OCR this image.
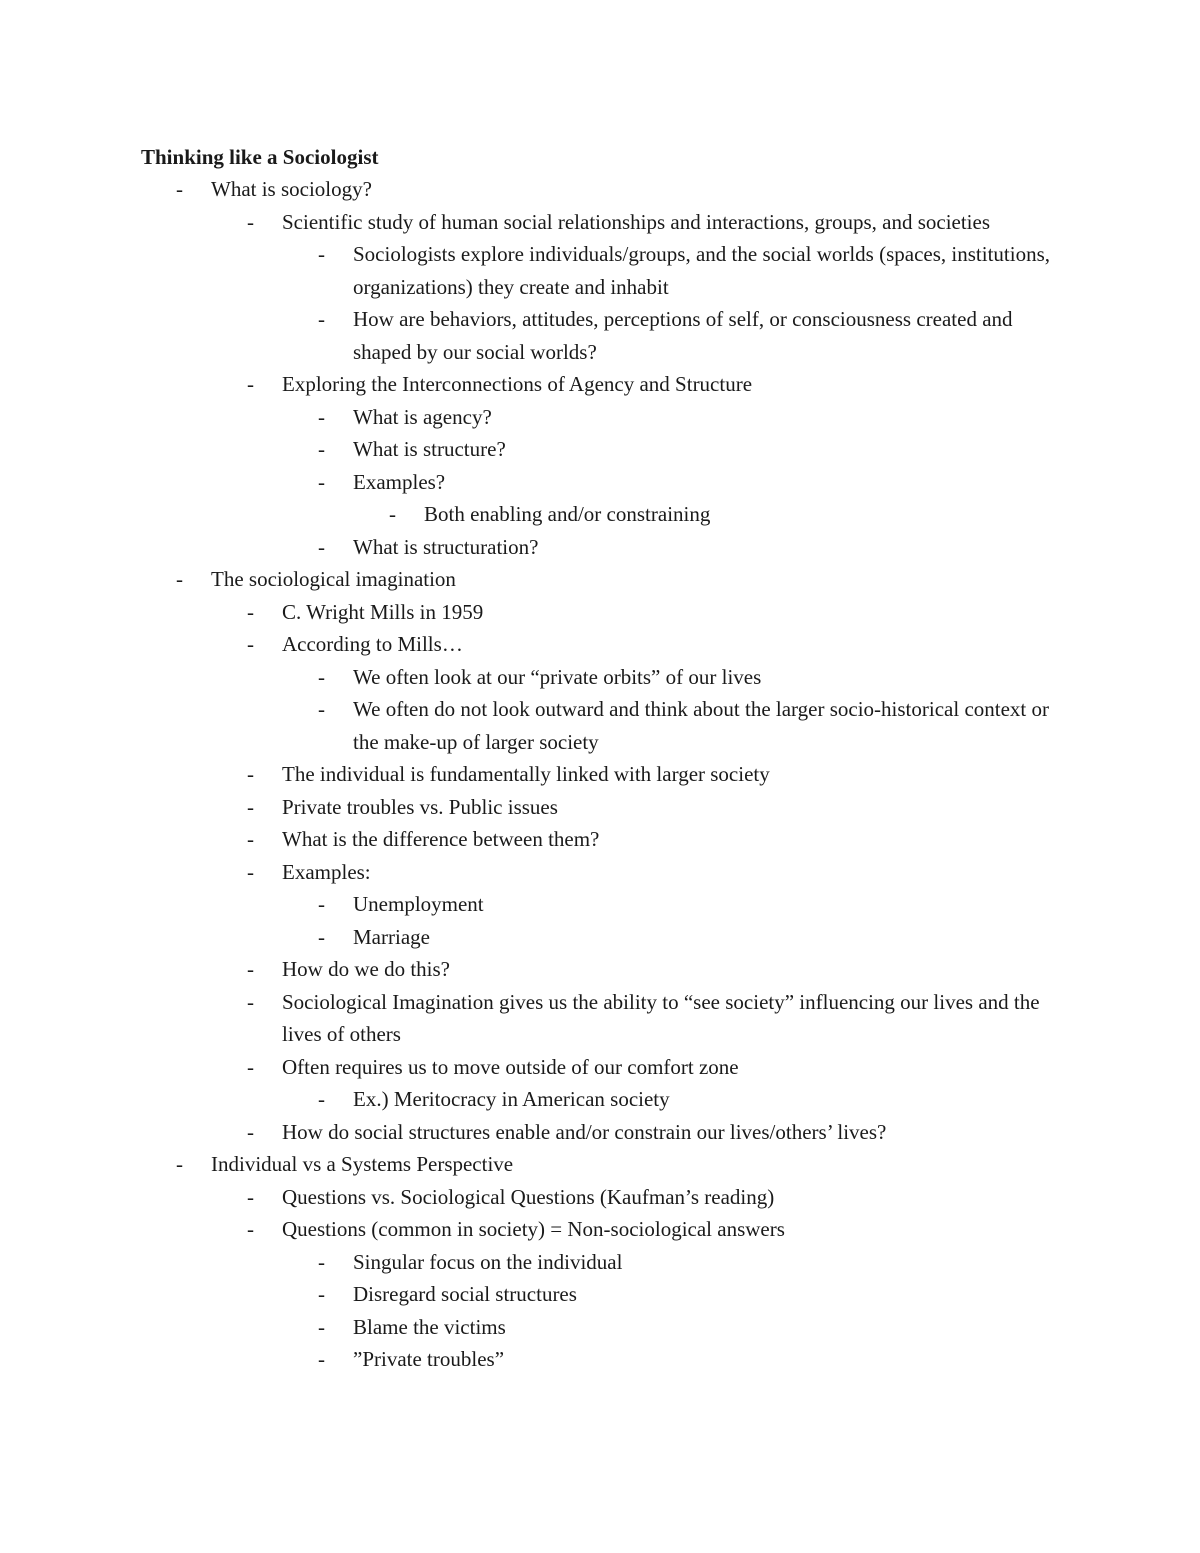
Thinking like a Sociologist
- What is sociology?
- Scientific study of human social relationships and interactions, groups, and societies
- Sociologists explore individuals/groups, and the social worlds (spaces, institutions, organizations) they create and inhabit
- How are behaviors, attitudes, perceptions of self, or consciousness created and shaped by our social worlds?
- Exploring the Interconnections of Agency and Structure
- What is agency?
- What is structure?
- Examples?
- Both enabling and/or constraining
- What is structuration?
- The sociological imagination
- C. Wright Mills in 1959
- According to Mills…
- We often look at our “private orbits” of our lives
- We often do not look outward and think about the larger socio-historical context or the make-up of larger society
- The individual is fundamentally linked with larger society
- Private troubles vs. Public issues
- What is the difference between them?
- Examples:
- Unemployment
- Marriage
- How do we do this?
- Sociological Imagination gives us the ability to “see society” influencing our lives and the lives of others
- Often requires us to move outside of our comfort zone
- Ex.) Meritocracy in American society
- How do social structures enable and/or constrain our lives/others’ lives?
- Individual vs a Systems Perspective
- Questions vs. Sociological Questions (Kaufman’s reading)
- Questions (common in society) = Non-sociological answers
- Singular focus on the individual
- Disregard social structures
- Blame the victims
- ”Private troubles”
